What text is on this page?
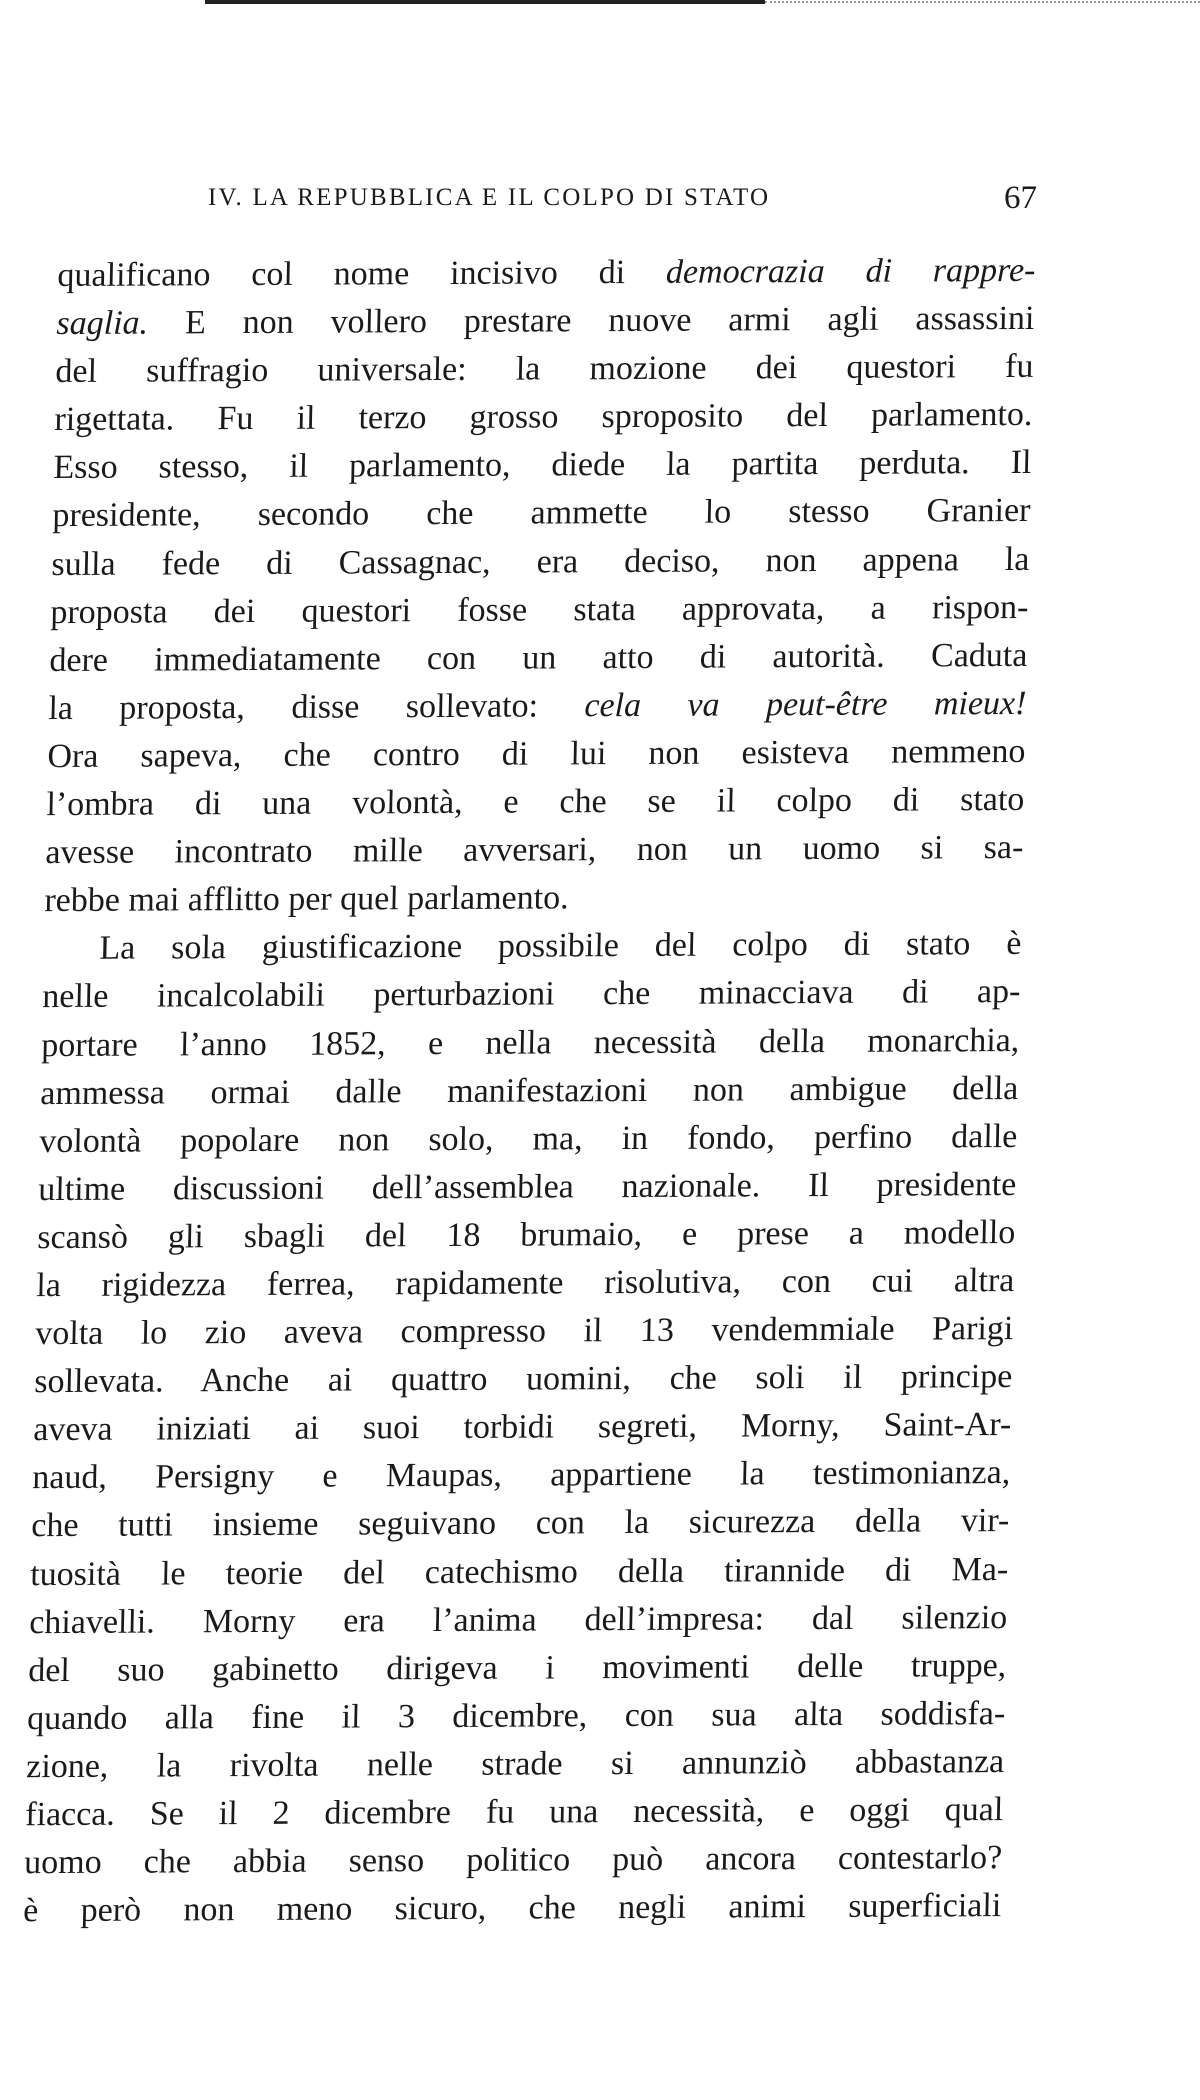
IV. LA REPUBBLICA E IL COLPO DI STATO	67
qualificano col nome incisivo di democrazia di rappre-
saglia. E non vollero prestare nuove armi agli assassini
del suffragio universale: la mozione dei questori fu
rigettata. Fu il terzo grosso sproposito del parlamento.
Esso stesso, il parlamento, diede la partita perduta. Il
presidente, secondo che ammette lo stesso Granier
sulla fede di Cassagnac, era deciso, non appena la
proposta dei questori fosse stata approvata, a rispon-
dere immediatamente con un atto di autorità. Caduta
la proposta, disse sollevato: cela va peut-être mieux!
Ora sapeva, che contro di lui non esisteva nemmeno
l’ombra di una volontà, e che se il colpo di stato
avesse incontrato mille avversari, non un uomo si sa-
rebbe mai afflitto per quel parlamento.
La sola giustificazione possibile del colpo di stato è
nelle incalcolabili perturbazioni che minacciava di ap-
portare l’anno 1852, e nella necessità della monarchia,
ammessa ormai dalle manifestazioni non ambigue della
volontà popolare non solo, ma, in fondo, perfino dalle
ultime discussioni dell’assemblea nazionale. Il presidente
scansò gli sbagli del 18 brumaio, e prese a modello
la rigidezza ferrea, rapidamente risolutiva, con cui altra
volta lo zio aveva compresso il 13 vendemmiale Parigi
sollevata. Anche ai quattro uomini, che soli il principe
aveva iniziati ai suoi torbidi segreti, Morny, Saint-Ar-
naud, Persigny e Maupas, appartiene la testimonianza,
che tutti insieme seguivano con la sicurezza della vir-
tuosità le teorie del catechismo della tirannide di Ma-
chiavelli. Morny era l’anima dell’impresa: dal silenzio
del suo gabinetto dirigeva i movimenti delle truppe,
quando alla fine il 3 dicembre, con sua alta soddisfa-
zione, la rivolta nelle strade si annunziò abbastanza
fiacca. Se il 2 dicembre fu una necessità, e oggi qual
uomo che abbia senso politico può ancora contestarlo?
è però non meno sicuro, che negli animi superficiali
